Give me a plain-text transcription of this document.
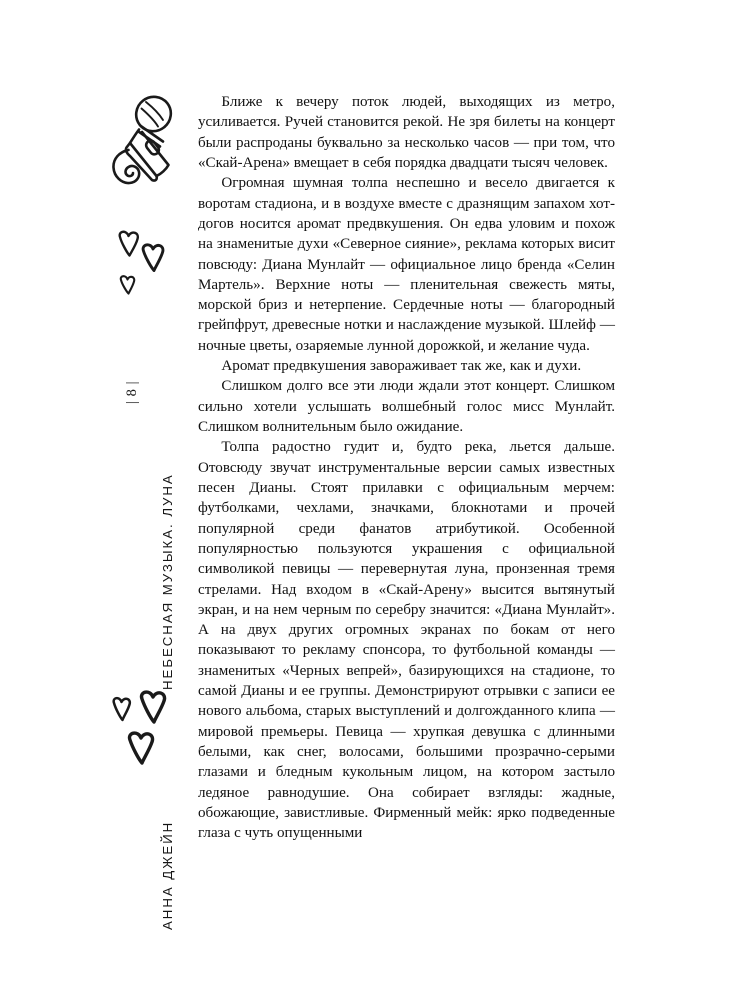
| 8 |
НЕБЕСНАЯ МУЗЫКА. ЛУНА
АННА ДЖЕЙН

Ближе к вечеру поток людей, выходящих из метро, усиливается. Ручей становится рекой. Не зря билеты на концерт были распроданы буквально за несколько часов — при том, что «Скай-Арена» вмещает в себя порядка двадцати тысяч человек.

Огромная шумная толпа неспешно и весело двигается к воротам стадиона, и в воздухе вместе с дразнящим запахом хот-догов носится аромат предвкушения. Он едва уловим и похож на знаменитые духи «Северное сияние», реклама которых висит повсюду: Диана Мунлайт — официальное лицо бренда «Селин Мартель». Верхние ноты — пленительная свежесть мяты, морской бриз и нетерпение. Сердечные ноты — благородный грейпфрут, древесные нотки и наслаждение музыкой. Шлейф — ночные цветы, озаряемые лунной дорожкой, и желание чуда.

Аромат предвкушения завораживает так же, как и духи.

Слишком долго все эти люди ждали этот концерт. Слишком сильно хотели услышать волшебный голос мисс Мунлайт. Слишком волнительным было ожидание.

Толпа радостно гудит и, будто река, льется дальше. Отовсюду звучат инструментальные версии самых известных песен Дианы. Стоят прилавки с официальным мерчем: футболками, чехлами, значками, блокнотами и прочей популярной среди фанатов атрибутикой. Особенной популярностью пользуются украшения с официальной символикой певицы — перевернутая луна, пронзенная тремя стрелами. Над входом в «Скай-Арену» высится вытянутый экран, и на нем черным по серебру значится: «Диана Мунлайт». А на двух других огромных экранах по бокам от него показывают то рекламу спонсора, то футбольной команды — знаменитых «Черных вепрей», базирующихся на стадионе, то самой Дианы и ее группы. Демонстрируют отрывки с записи ее нового альбома, старых выступлений и долгожданного клипа — мировой премьеры. Певица — хрупкая девушка с длинными белыми, как снег, волосами, большими прозрачно-серыми глазами и бледным кукольным лицом, на котором застыло ледяное равнодушие. Она собирает взгляды: жадные, обожающие, завистливые. Фирменный мейк: ярко подведенные глаза с чуть опущенными
